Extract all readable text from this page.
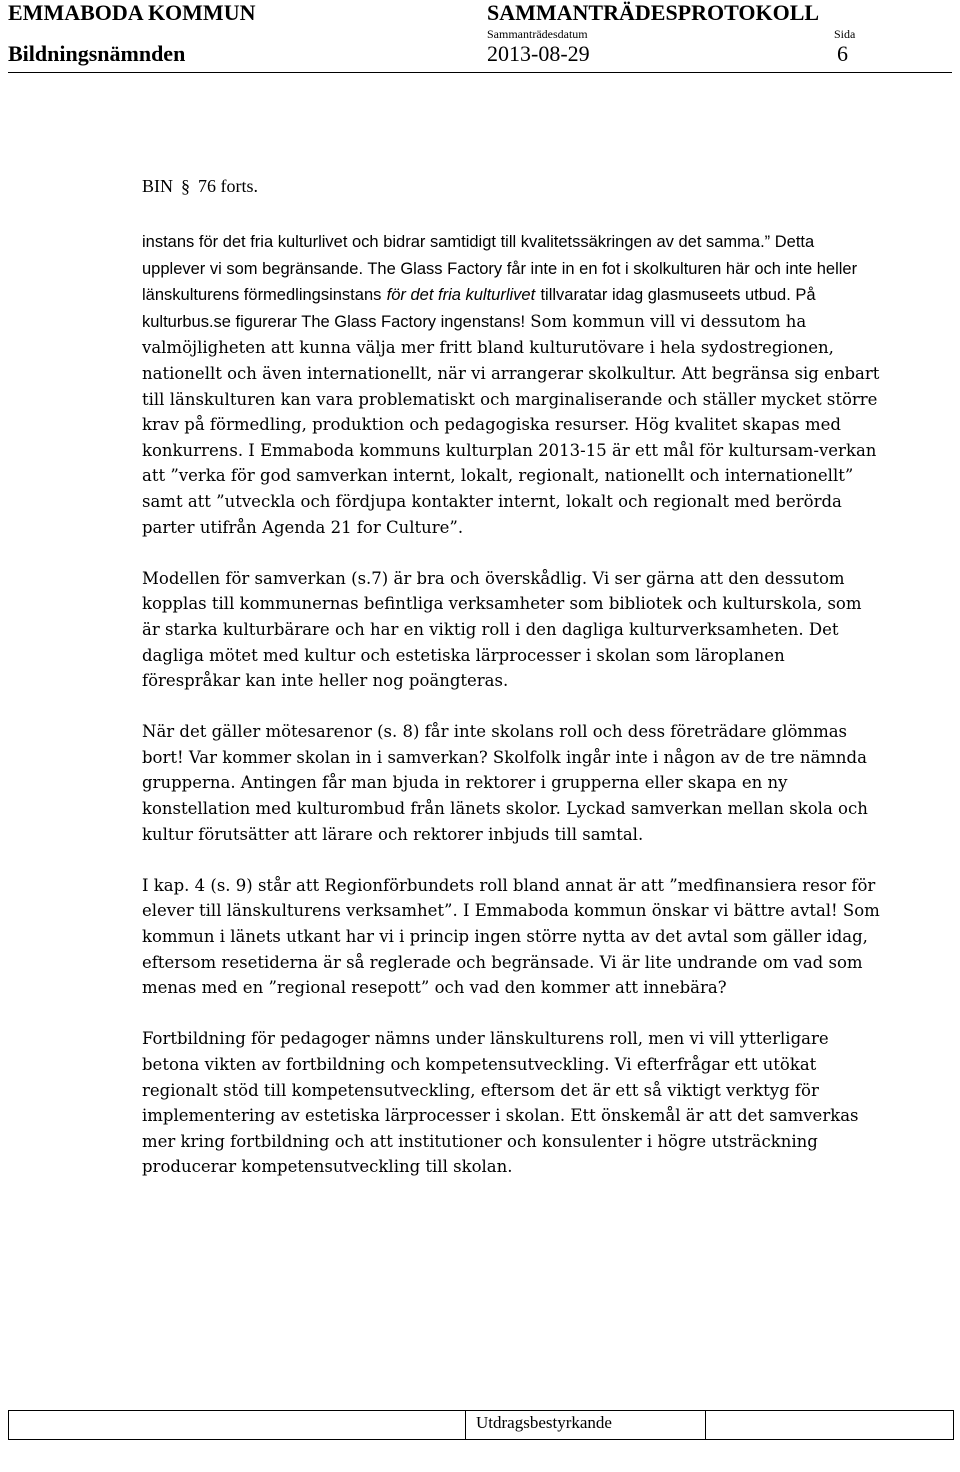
EMMABODA KOMMUN	SAMMANTRÄDESPROTOKOLL
Bildningsnämnden
Sammanträdesdatum	Sida
2013-08-29	6
BIN § 76 forts.

instans för det fria kulturlivet och bidrar samtidigt till kvalitetssäkringen av det samma.” Detta upplever vi som begränsande. The Glass Factory får inte in en fot i skolkulturen här och inte heller länskulturens förmedlingsinstans för det fria kulturlivet tillvaratar idag glasmuseets utbud. På kulturbus.se figurerar The Glass Factory ingenstans! Som kommun vill vi dessutom ha valmöjligheten att kunna välja mer fritt bland kulturutövare i hela sydostregionen, nationellt och även internationellt, när vi arrangerar skolkultur. Att begränsa sig enbart till länskulturen kan vara problematiskt och marginaliserande och ställer mycket större krav på förmedling, produktion och pedagogiska resurser. Hög kvalitet skapas med konkurrens. I Emmaboda kommuns kulturplan 2013-15 är ett mål för kultursam-verkan att ”verka för god samverkan internt, lokalt, regionalt, nationellt och internationellt” samt att ”utveckla och fördjupa kontakter internt, lokalt och regionalt med berörda parter utifrån Agenda 21 for Culture”.

Modellen för samverkan (s.7) är bra och överskådlig. Vi ser gärna att den dessutom kopplas till kommunernas befintliga verksamheter som bibliotek och kulturskola, som är starka kulturbärare och har en viktig roll i den dagliga kulturverksamheten. Det dagliga mötet med kultur och estetiska lärprocesser i skolan som läroplanen förespråkar kan inte heller nog poängteras.

När det gäller mötesarenor (s. 8) får inte skolans roll och dess företrädare glömmas bort! Var kommer skolan in i samverkan? Skolfolk ingår inte i någon av de tre nämnda grupperna. Antingen får man bjuda in rektorer i grupperna eller skapa en ny konstellation med kulturombud från länets skolor. Lyckad samverkan mellan skola och kultur förutsätter att lärare och rektorer inbjuds till samtal.

I kap. 4 (s. 9) står att Regionförbundets roll bland annat är att ”medfinansiera resor för elever till länskulturens verksamhet”. I Emmaboda kommun önskar vi bättre avtal! Som kommun i länets utkant har vi i princip ingen större nytta av det avtal som gäller idag, eftersom resetiderna är så reglerade och begränsade. Vi är lite undrande om vad som menas med en ”regional resepott” och vad den kommer att innebära?

Fortbildning för pedagoger nämns under länskulturens roll, men vi vill ytterligare betona vikten av fortbildning och kompetensutveckling. Vi efterfrågar ett utökat regionalt stöd till kompetensutveckling, eftersom det är ett så viktigt verktyg för implementering av estetiska lärprocesser i skolan. Ett önskemål är att det samverkas mer kring fortbildning och att institutioner och konsulenter i högre utsträckning producerar kompetensutveckling till skolan.

Utdragsbestyrkande
